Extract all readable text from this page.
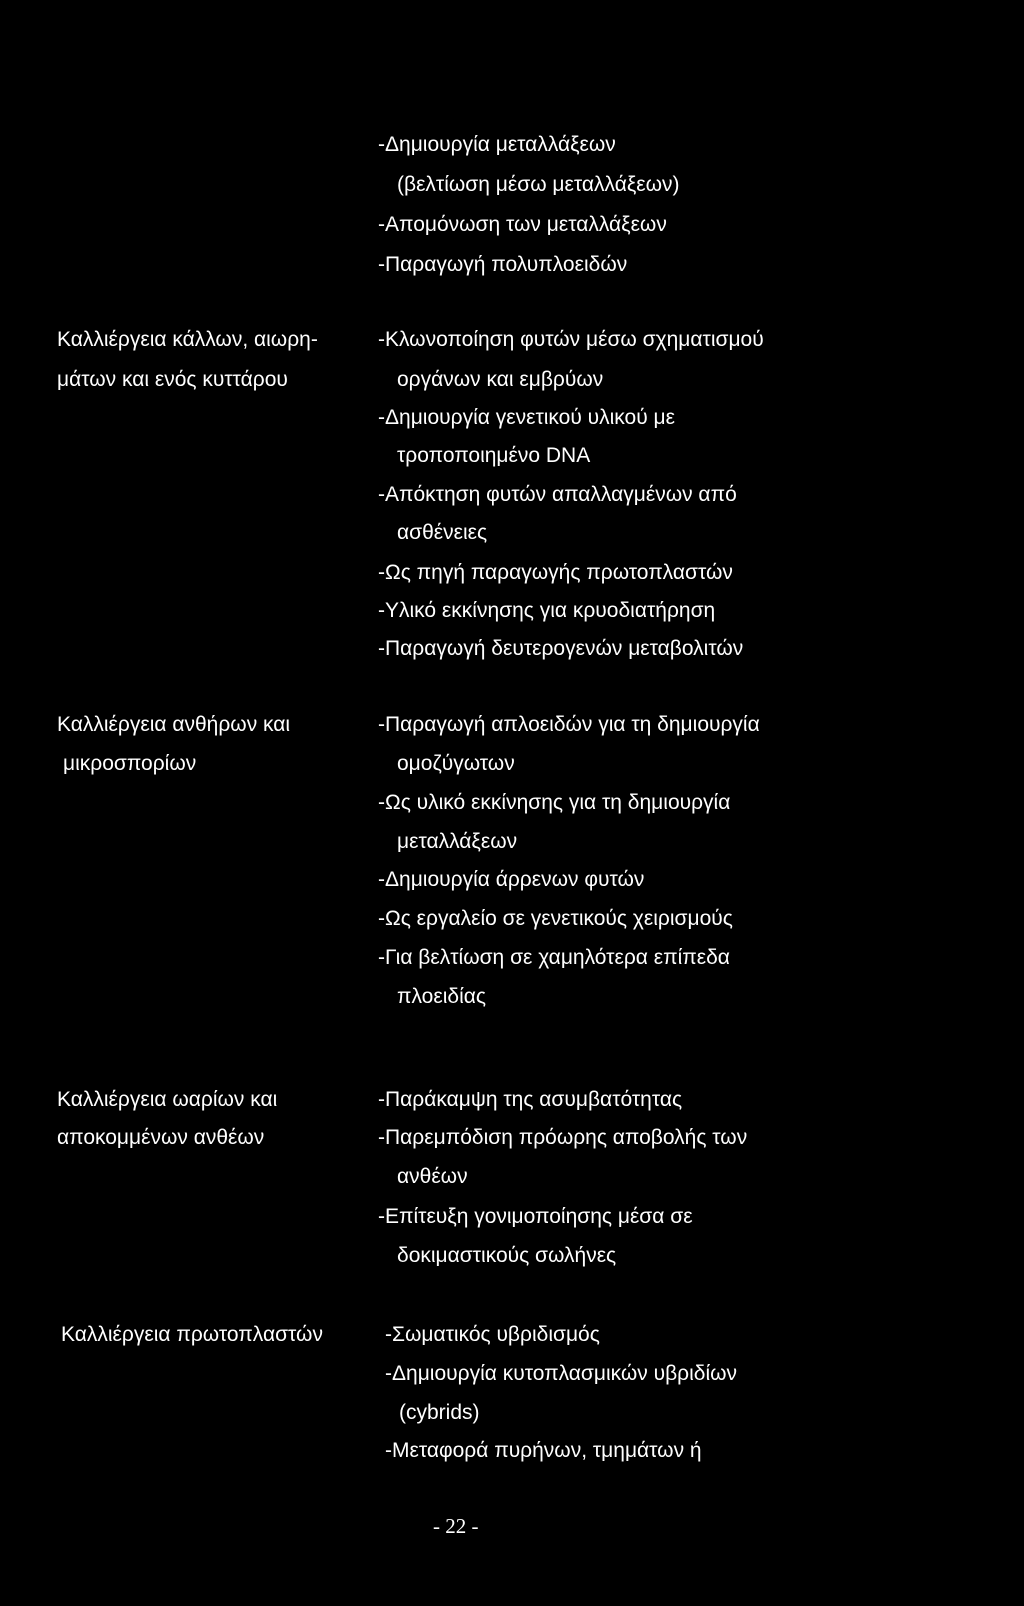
-Δημιουργία μεταλλάξεων
(βελτίωση μέσω μεταλλάξεων)
-Απομόνωση των μεταλλάξεων
-Παραγωγή πολυπλοειδών
Καλλιέργεια κάλλων, αιωρη-
μάτων και ενός κυττάρου
-Κλωνοποίηση φυτών μέσω σχηματισμού
οργάνων και εμβρύων
-Δημιουργία γενετικού υλικού με
τροποποιημένο DNA
-Απόκτηση φυτών απαλλαγμένων από
ασθένειες
-Ως πηγή παραγωγής πρωτοπλαστών
-Υλικό εκκίνησης για κρυοδιατήρηση
-Παραγωγή δευτερογενών μεταβολιτών
Καλλιέργεια ανθήρων και
μικροσπορίων
-Παραγωγή απλοειδών για τη δημιουργία
ομοζύγωτων
-Ως υλικό εκκίνησης για τη δημιουργία
μεταλλάξεων
-Δημιουργία άρρενων φυτών
-Ως εργαλείο σε γενετικούς χειρισμούς
-Για βελτίωση σε χαμηλότερα επίπεδα
πλοειδίας
Καλλιέργεια ωαρίων και
αποκομμένων ανθέων
-Παράκαμψη της ασυμβατότητας
-Παρεμπόδιση πρόωρης αποβολής των
ανθέων
-Επίτευξη γονιμοποίησης μέσα σε
δοκιμαστικούς σωλήνες
Καλλιέργεια πρωτοπλαστών	-Σωματικός υβριδισμός
-Δημιουργία κυτοπλασμικών υβριδίων
(cybrids)
-Μεταφορά πυρήνων, τμημάτων ή
- 22 -
